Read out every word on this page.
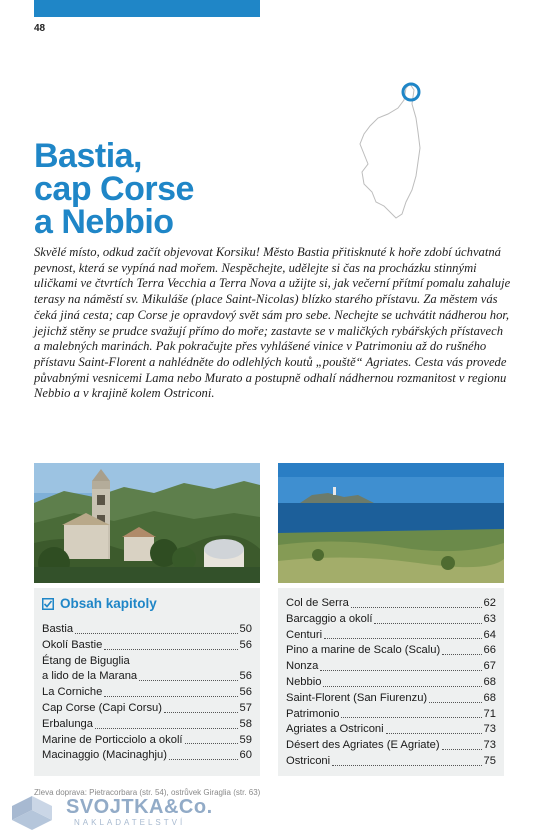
48
Bastia,
cap Corse
a Nebbio

Skvělé místo, odkud začít objevovat Korsiku! Město Bastia přitisknuté k hoře zdobí úchvatná pevnost, která se vypíná nad mořem. Nespěchejte, udělejte si čas na procházku stinnými uličkami ve čtvrtích Terra Vecchia a Terra Nova a užijte si, jak večerní přítmí pomalu zahaluje terasy na náměstí sv. Mikuláše (place Saint-Nicolas) blízko starého přístavu. Za městem vás čeká jiná cesta; cap Corse je opravdový svět sám pro sebe. Nechejte se uchvátit nádherou hor, jejichž stěny se prudce svažují přímo do moře; zastavte se v maličkých rybářských přístavech a malebných marinách. Pak pokračujte přes vyhlášené vinice v Patrimoniu až do rušného přístavu Saint-Florent a nahlédněte do odlehlých koutů „pouště“ Agriates. Cesta vás provede půvabnými vesnicemi Lama nebo Murato a postupně odhalí nádhernou rozmanitost v regionu Nebbio a v krajině kolem Ostriconi.

Obsah kapitoly
Bastia	50
Okolí Bastie	56
Étang de Biguglia
a lido de la Marana	56
La Corniche	56
Cap Corse (Capi Corsu)	57
Erbalunga	58
Marine de Porticciolo a okolí	59
Macinaggio (Macinaghju)	60
Col de Serra	62
Barcaggio a okolí	63
Centuri	64
Pino a marine de Scalo (Scalu)	66
Nonza	67
Nebbio	68
Saint-Florent (San Fiurenzu)	68
Patrimonio	71
Agriates a Ostriconi	73
Désert des Agriates (E Agriate)	73
Ostriconi	75
Zleva doprava: Pietracorbara (str. 54), ostrůvek Giraglia (str. 63)
SVOJTKA&Co.
NAKLADATELSTVÍ
